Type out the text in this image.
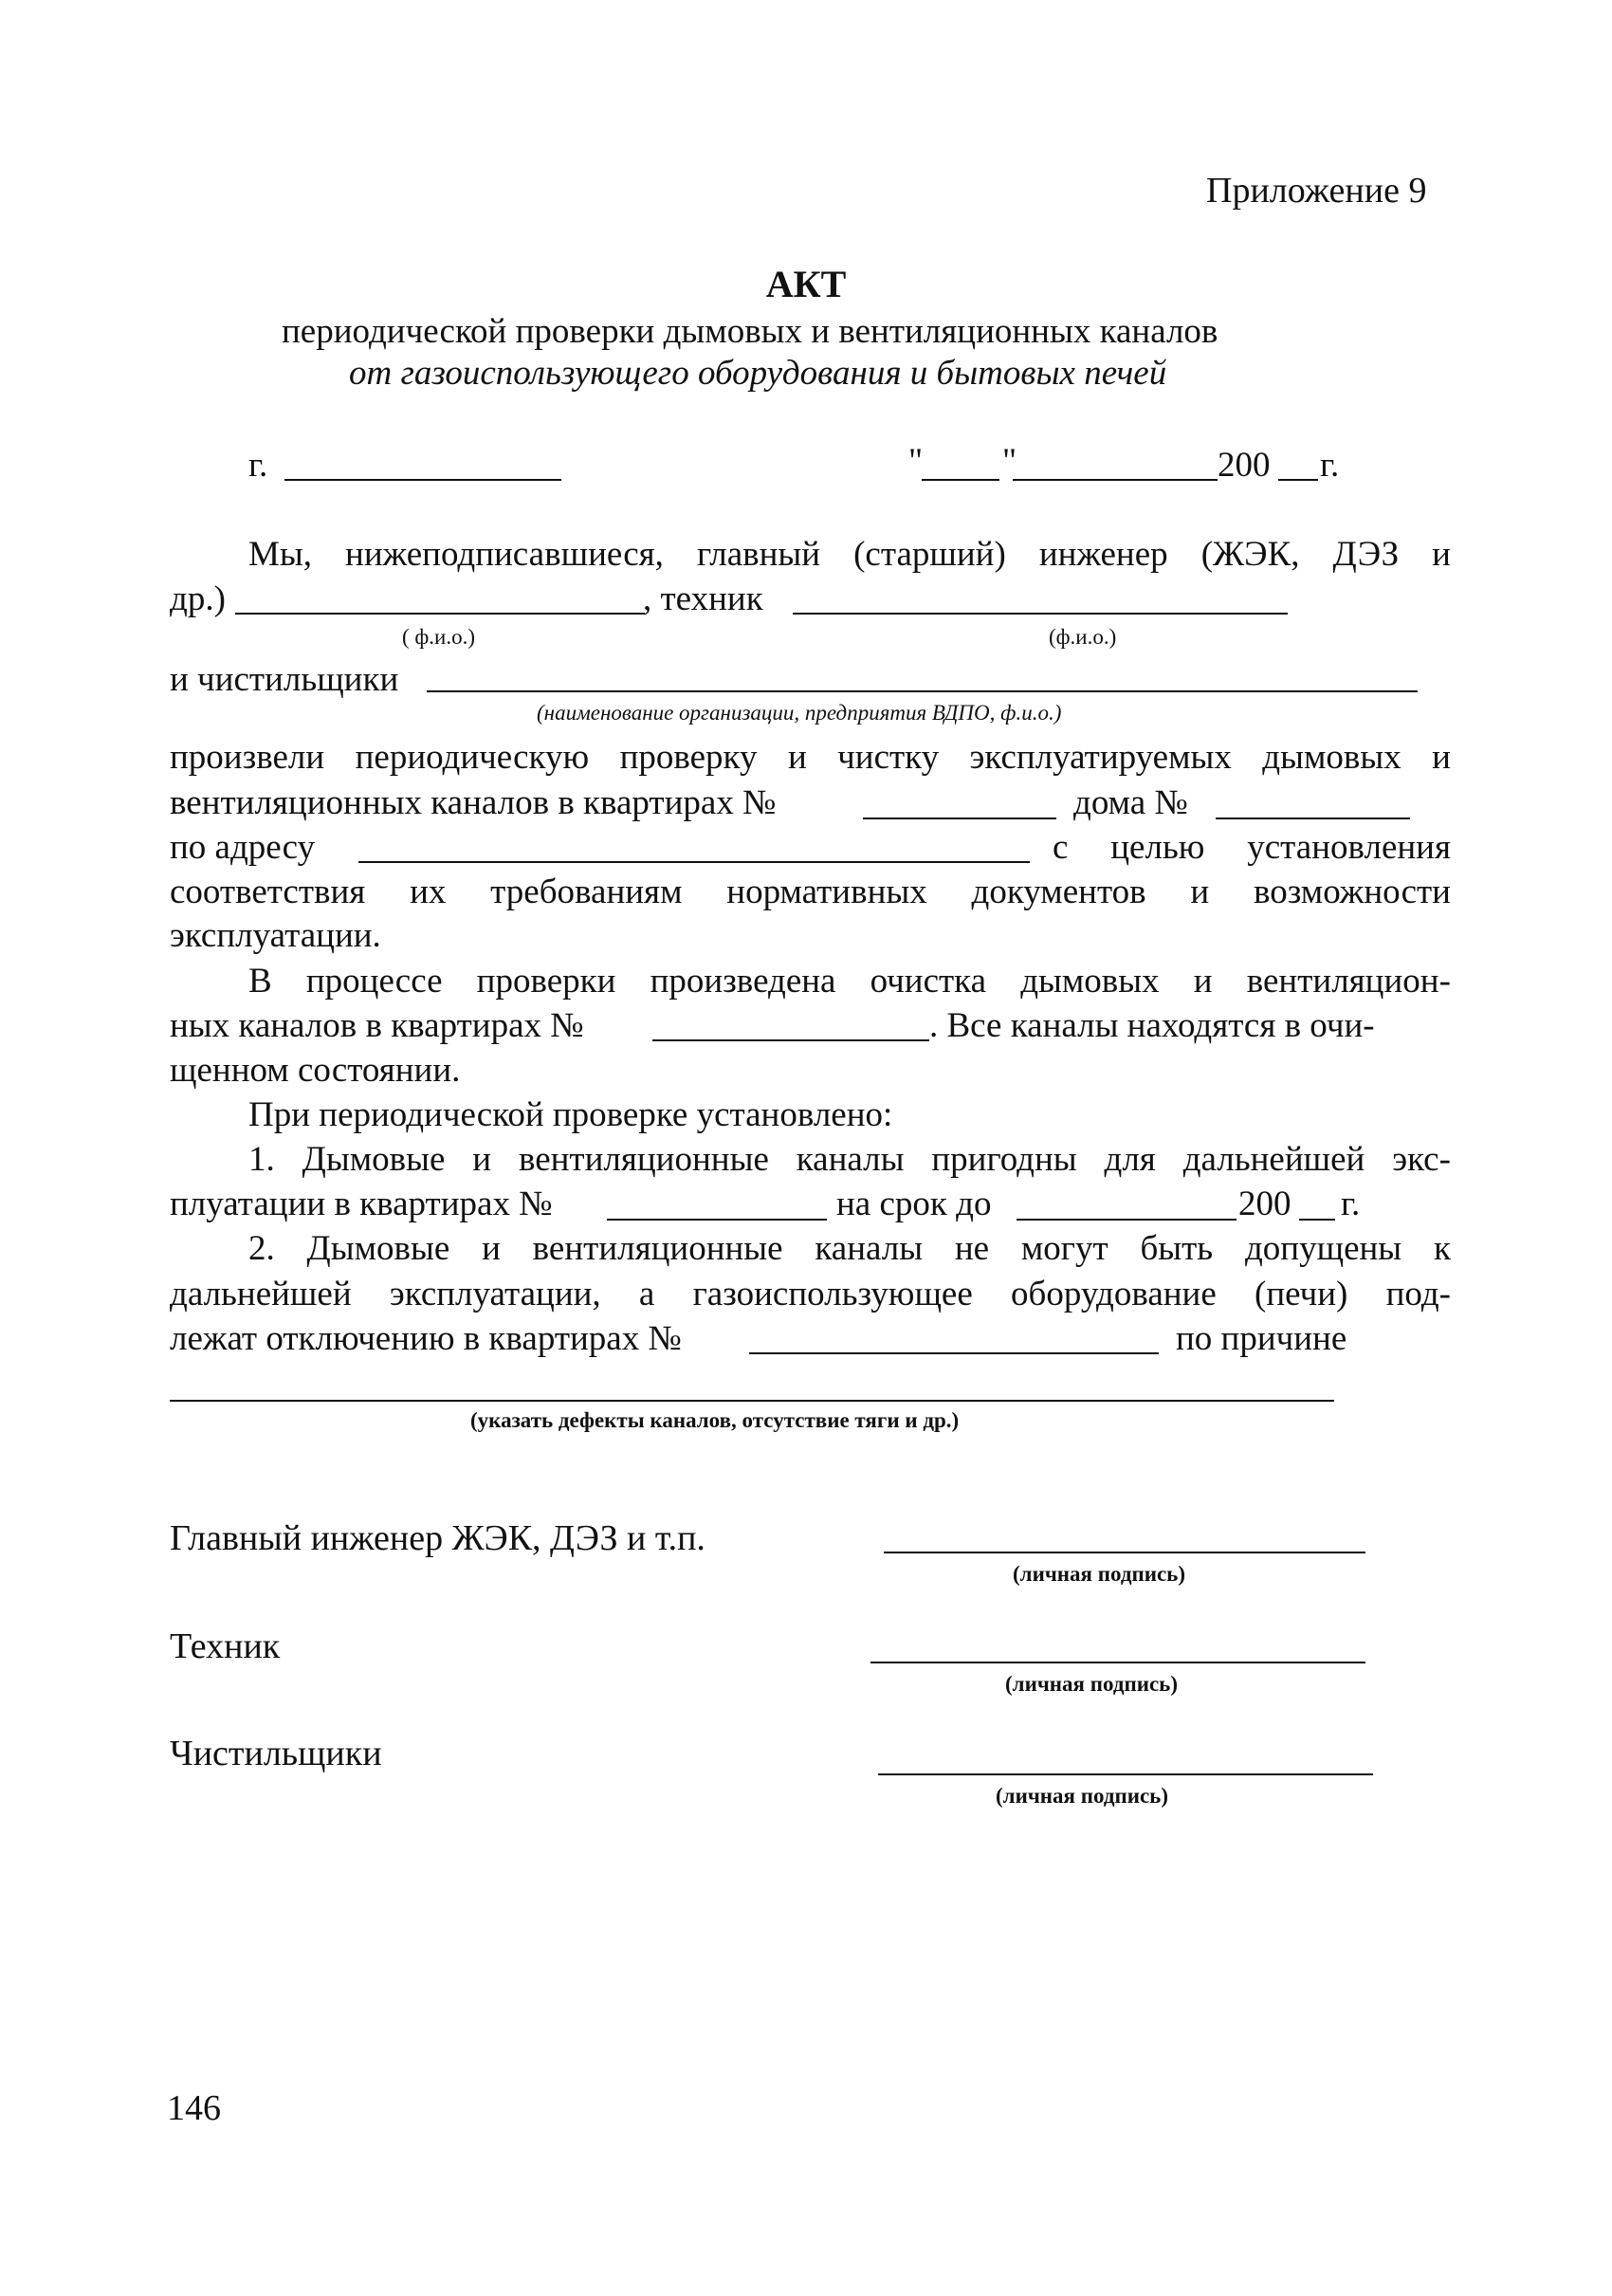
Приложение 9
АКТ
периодической проверки дымовых и вентиляционных каналов
от газоиспользующего оборудования и бытовых печей
г.	" "	200 г.
Мы, нижеподписавшиеся, главный (старший) инженер (ЖЭК, ДЭЗ и
др.)	, техник
( ф.и.о.)	(ф.и.о.)
и чистильщики
(наименование организации, предприятия ВДПО, ф.и.о.)
произвели периодическую проверку и чистку эксплуатируемых дымовых и
вентиляционных каналов в квартирах №	дома №
по адресу	с целью установления
соответствия их требованиям нормативных документов и возможности
эксплуатации.
В процессе проверки произведена очистка дымовых и вентиляцион-
ных каналов в квартирах №	. Все каналы находятся в очи-
щенном состоянии.
При периодической проверке установлено:
1. Дымовые и вентиляционные каналы пригодны для дальнейшей экс-
плуатации в квартирах №	на срок до	200 г.
2. Дымовые и вентиляционные каналы не могут быть допущены к
дальнейшей эксплуатации, а газоиспользующее оборудование (печи) под-
лежат отключению в квартирах №	по причине
(указать дефекты каналов, отсутствие тяги и др.)
Главный инженер ЖЭК, ДЭЗ и т.п.
(личная подпись)
Техник
(личная подпись)
Чистильщики
(личная подпись)
146
